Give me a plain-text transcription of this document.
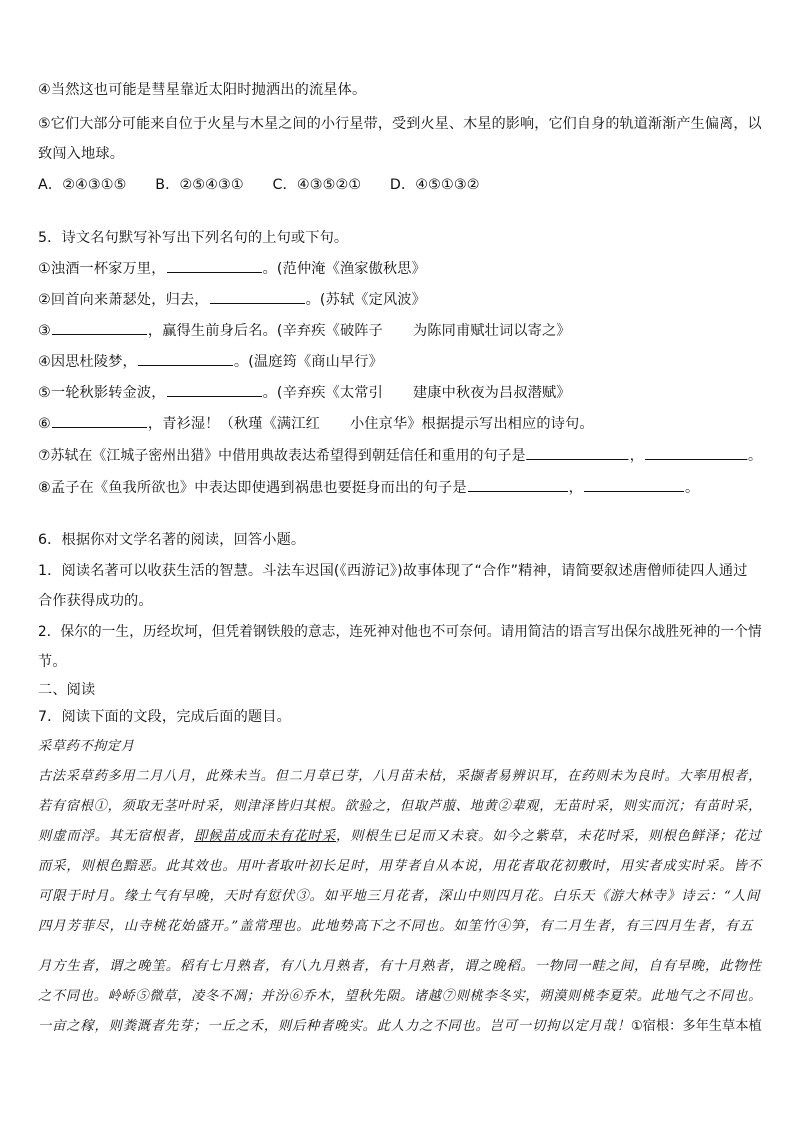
④当然这也可能是彗星靠近太阳时抛洒出的流星体。
⑤它们大部分可能来自位于火星与木星之间的小行星带，受到火星、木星的影响，它们自身的轨道渐渐产生偏离，以
致闯入地球。
A．②④③①⑤ B．②⑤④③① C．④③⑤②① D．④⑤①③②
5．诗文名句默写补写出下列名句的上句或下句。
①浊酒一杯家万里，	。(范仲淹《渔家傲秋思》
②回首向来萧瑟处，归去，	。(苏轼《定风波》
③	，赢得生前身后名。(辛弃疾《破阵子 为陈同甫赋壮词以寄之》
④因思杜陵梦，	。(温庭筠《商山早行》
⑤一轮秋影转金波，	。(辛弃疾《太常引 建康中秋夜为吕叔潜赋》
⑥	，青衫湿！（秋瑾《满江红 小住京华》根据提示写出相应的诗句。
⑦苏轼在《江城子密州出猎》中借用典故表达希望得到朝廷信任和重用的句子是	，	。
⑧孟子在《鱼我所欲也》中表达即使遇到祸患也要挺身而出的句子是	，	。
6．根据你对文学名著的阅读，回答小题。
1．阅读名著可以收获生活的智慧。斗法车迟国(《西游记》)故事体现了“合作”精神，请简要叙述唐僧师徒四人通过
合作获得成功的。
2．保尔的一生，历经坎坷，但凭着钢铁般的意志，连死神对他也不可奈何。请用简洁的语言写出保尔战胜死神的一个情
节。
二、阅读
7．阅读下面的文段，完成后面的题目。
采草药不拘定月
古法采草药多用二月八月，此殊未当。但二月草已芽，八月苗未枯，采撷者易辨识耳，在药则未为良时。大率用根者，
若有宿根①，须取无茎叶时采，则津泽皆归其根。欲验之，但取芦菔、地黄②辈观，无苗时采，则实而沉；有苗时采，
则虚而浮。其无宿根者，即候苗成而未有花时采，则根生已足而又未衰。如今之紫草，未花时采，则根色鲜泽；花过
而采，则根色黯恶。此其效也。用叶者取叶初长足时，用芽者自从本说，用花者取花初敷时，用实者成实时采。皆不
可限于时月。缘土气有早晚，天时有愆伏③。如平地三月花者，深山中则四月花。白乐天《游大林寺》诗云：“人间
四月芳菲尽，山寺桃花始盛开。”盖常理也。此地势高下之不同也。如筀竹④笋，有二月生者，有三四月生者，有五
月方生者，谓之晚筀。稻有七月熟者，有八九月熟者，有十月熟者，谓之晚稻。一物同一畦之间，自有早晚，此物性
之不同也。岭峤⑤微草，凌冬不凋；并汾⑥乔木，望秋先陨。诸越⑦则桃李冬实，朔漠则桃李夏荣。此地气之不同也。
一亩之稼，则粪溉者先芽；一丘之禾，则后种者晚实。此人力之不同也。岂可一切拘以定月哉！①宿根：多年生草本植
